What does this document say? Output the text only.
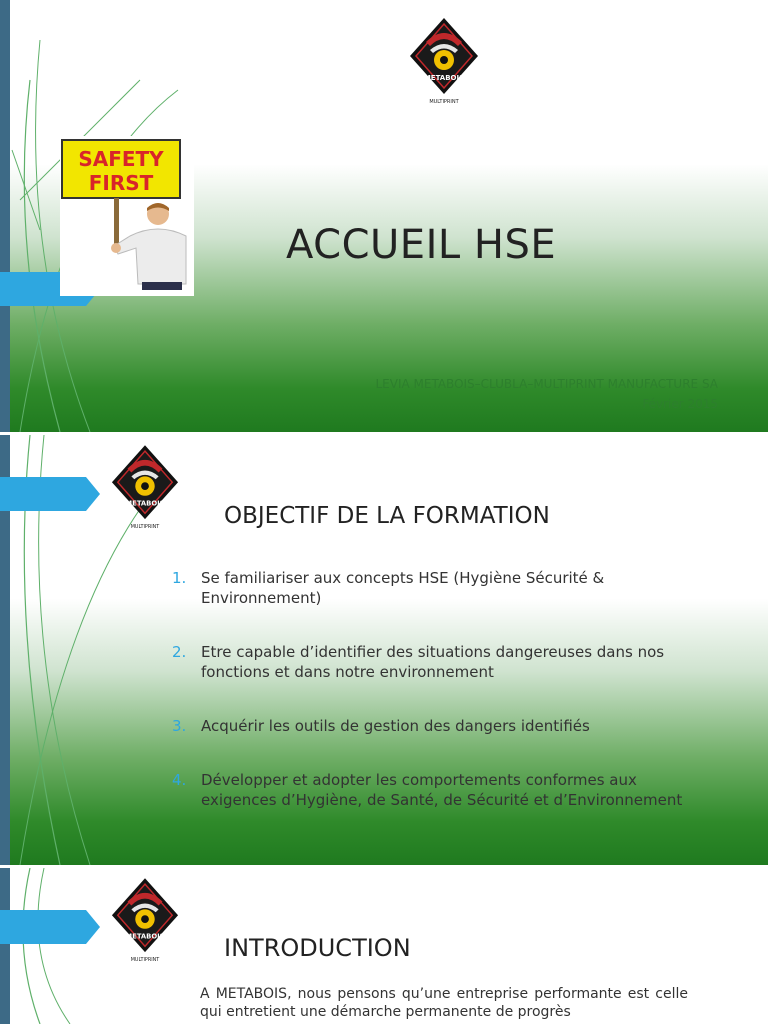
METABOIS
MULTIPRINT
SAFETY
FIRST
ACCUEIL HSE
LEVIA METABOIS–CLUBLA–MULTIPRINT MANUFACTURE SA
Février 2015
METABOIS
MULTIPRINT	OBJECTIF DE LA FORMATION
1. Se familiariser aux concepts HSE (Hygiène Sécurité & Environnement)
2. Etre capable d’identifier des situations dangereuses dans nos fonctions et dans notre environnement
3. Acquérir les outils de gestion des dangers identifiés
4. Développer et adopter les comportements conformes aux exigences d’Hygiène, de Santé, de Sécurité et d’Environnement
METABOIS
MULTIPRINT	INTRODUCTION
A METABOIS, nous pensons qu’une entreprise performante est celle qui entretient une démarche permanente de progrès
